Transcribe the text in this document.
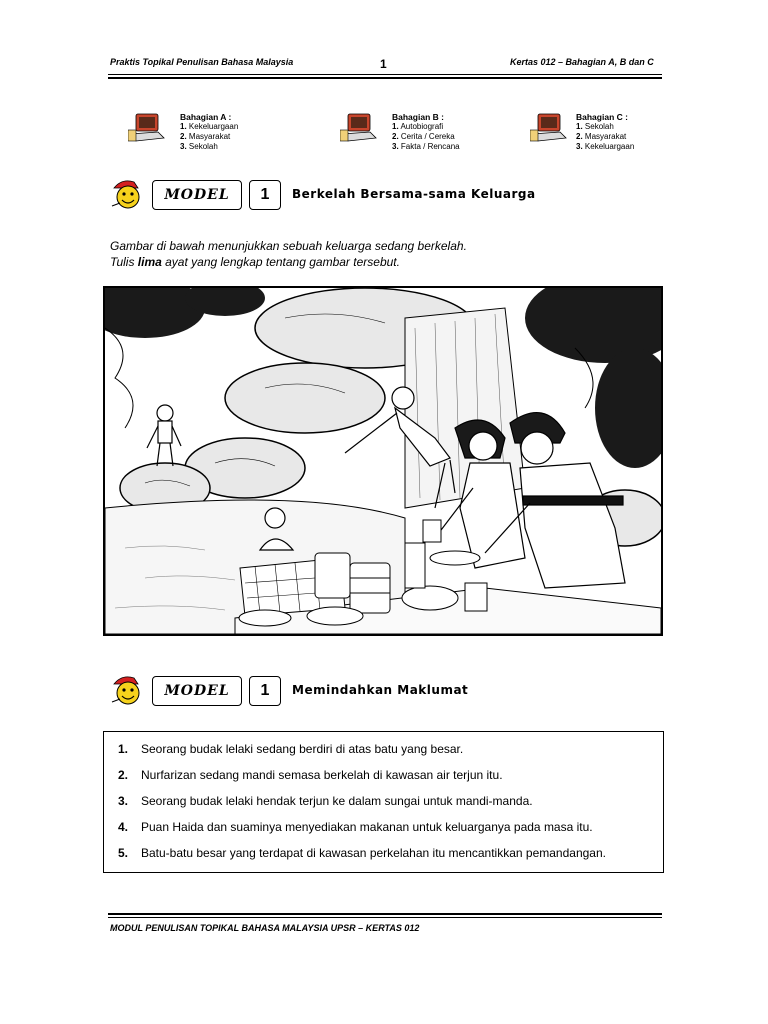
Praktis Topikal Penulisan Bahasa Malaysia	1	Kertas 012 – Bahagian A, B dan C
Bahagian A :
1. Kekeluargaan
2. Masyarakat
3. Sekolah
Bahagian B :
1. Autobiografi
2. Cerita / Cereka
3. Fakta / Rencana
Bahagian C :
1. Sekolah
2. Masyarakat
3. Kekeluargaan
MODEL	1	Berkelah Bersama-sama Keluarga
Gambar di bawah menunjukkan sebuah keluarga sedang berkelah.
Tulis lima ayat yang lengkap tentang gambar tersebut.
MODEL	1	Memindahkan Maklumat
1.	Seorang budak lelaki sedang berdiri di atas batu yang besar.
2.	Nurfarizan sedang mandi semasa berkelah di kawasan air terjun itu.
3.	Seorang budak lelaki hendak terjun ke dalam sungai untuk mandi-manda.
4.	Puan Haida dan suaminya menyediakan makanan untuk keluarganya pada masa itu.
5.	Batu-batu besar yang terdapat di kawasan perkelahan itu mencantikkan pemandangan.
MODUL PENULISAN TOPIKAL BAHASA MALAYSIA UPSR – KERTAS 012
